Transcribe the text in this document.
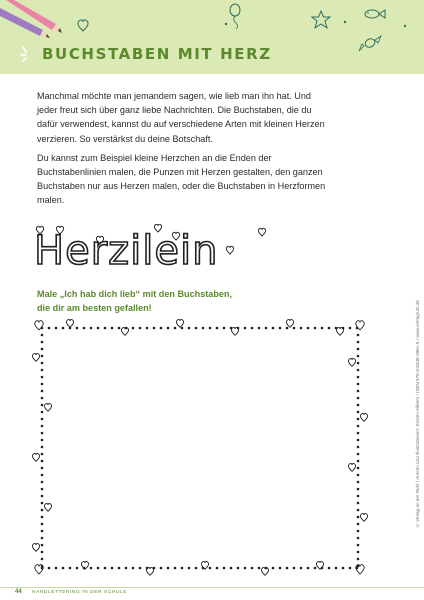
BUCHSTABEN MIT HERZ

Manchmal möchte man jemandem sagen, wie lieb man ihn hat. Und jeder freut sich über ganz liebe Nachrichten. Die Buchstaben, die du dafür verwendest, kannst du auf verschiedene Arten mit kleinen Herzen verzieren. So verstärkst du deine Botschaft.

Du kannst zum Beispiel kleine Herzchen an die Enden der Buchstabenlinien malen, die Punzen mit Herzen gestalten, den ganzen Buchstaben nur aus Herzen malen, oder die Buchstaben in Herzformen malen.

Herzilein
Male „Ich hab dich lieb“ mit den Buchstaben,
die dir am besten gefallen!	© Verlag an der Ruhr / Autorin und Illustrationen: Kirsten Kilbers / ISBN 978-3-8346-3961-5 / www.verlagruhr.de
44 HANDLETTERING IN DER SCHULE
